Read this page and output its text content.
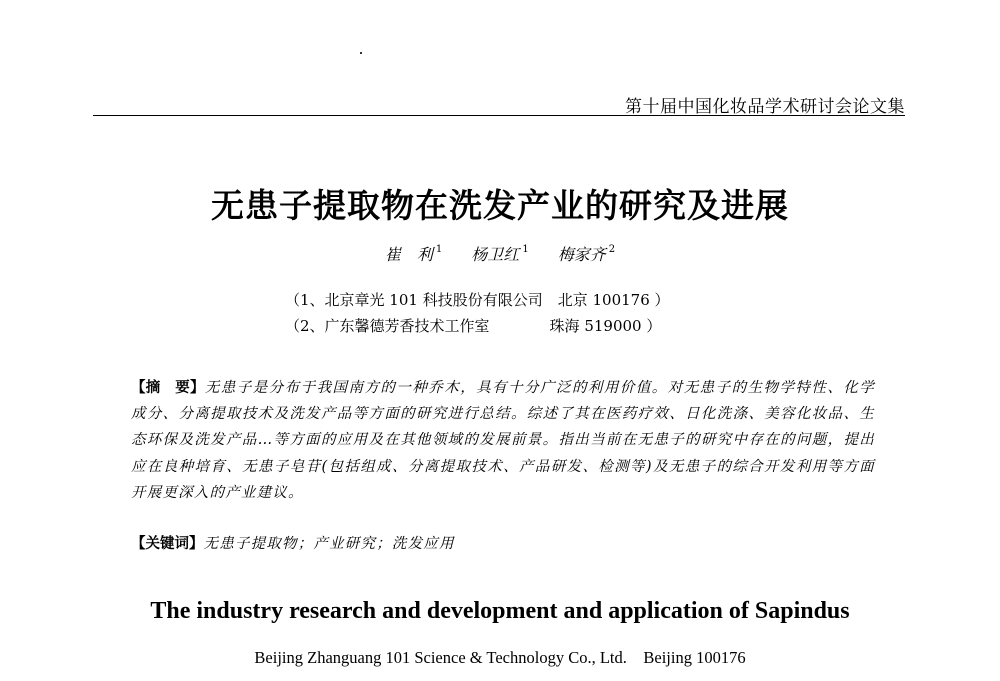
第十届中国化妆品学术研讨会论文集
无患子提取物在洗发产业的研究及进展
崔　利 $^1$ 杨卫红 $^1$ 梅家齐 $^2$
（1、北京章光 101 科技股份有限公司　北京 100176 ）
（2、广东馨德芳香技术工作室　　　　珠海 519000 ）
【摘　要】无患子是分布于我国南方的一种乔木，具有十分广泛的利用价值。对无患子的生物学特性、化学成分、分离提取技术及洗发产品等方面的研究进行总结。综述了其在医药疗效、日化洗涤、美容化妆品、生态环保及洗发产品…等方面的应用及在其他领域的发展前景。指出当前在无患子的研究中存在的问题，提出应在良种培育、无患子皂苷(包括组成、分离提取技术、产品研发、检测等)及无患子的综合开发利用等方面开展更深入的产业建议。
【关键词】无患子提取物；产业研究；洗发应用
The industry research and development and application of Sapindus
Beijing Zhanguang 101 Science & Technology Co., Ltd.    Beijing 100176
